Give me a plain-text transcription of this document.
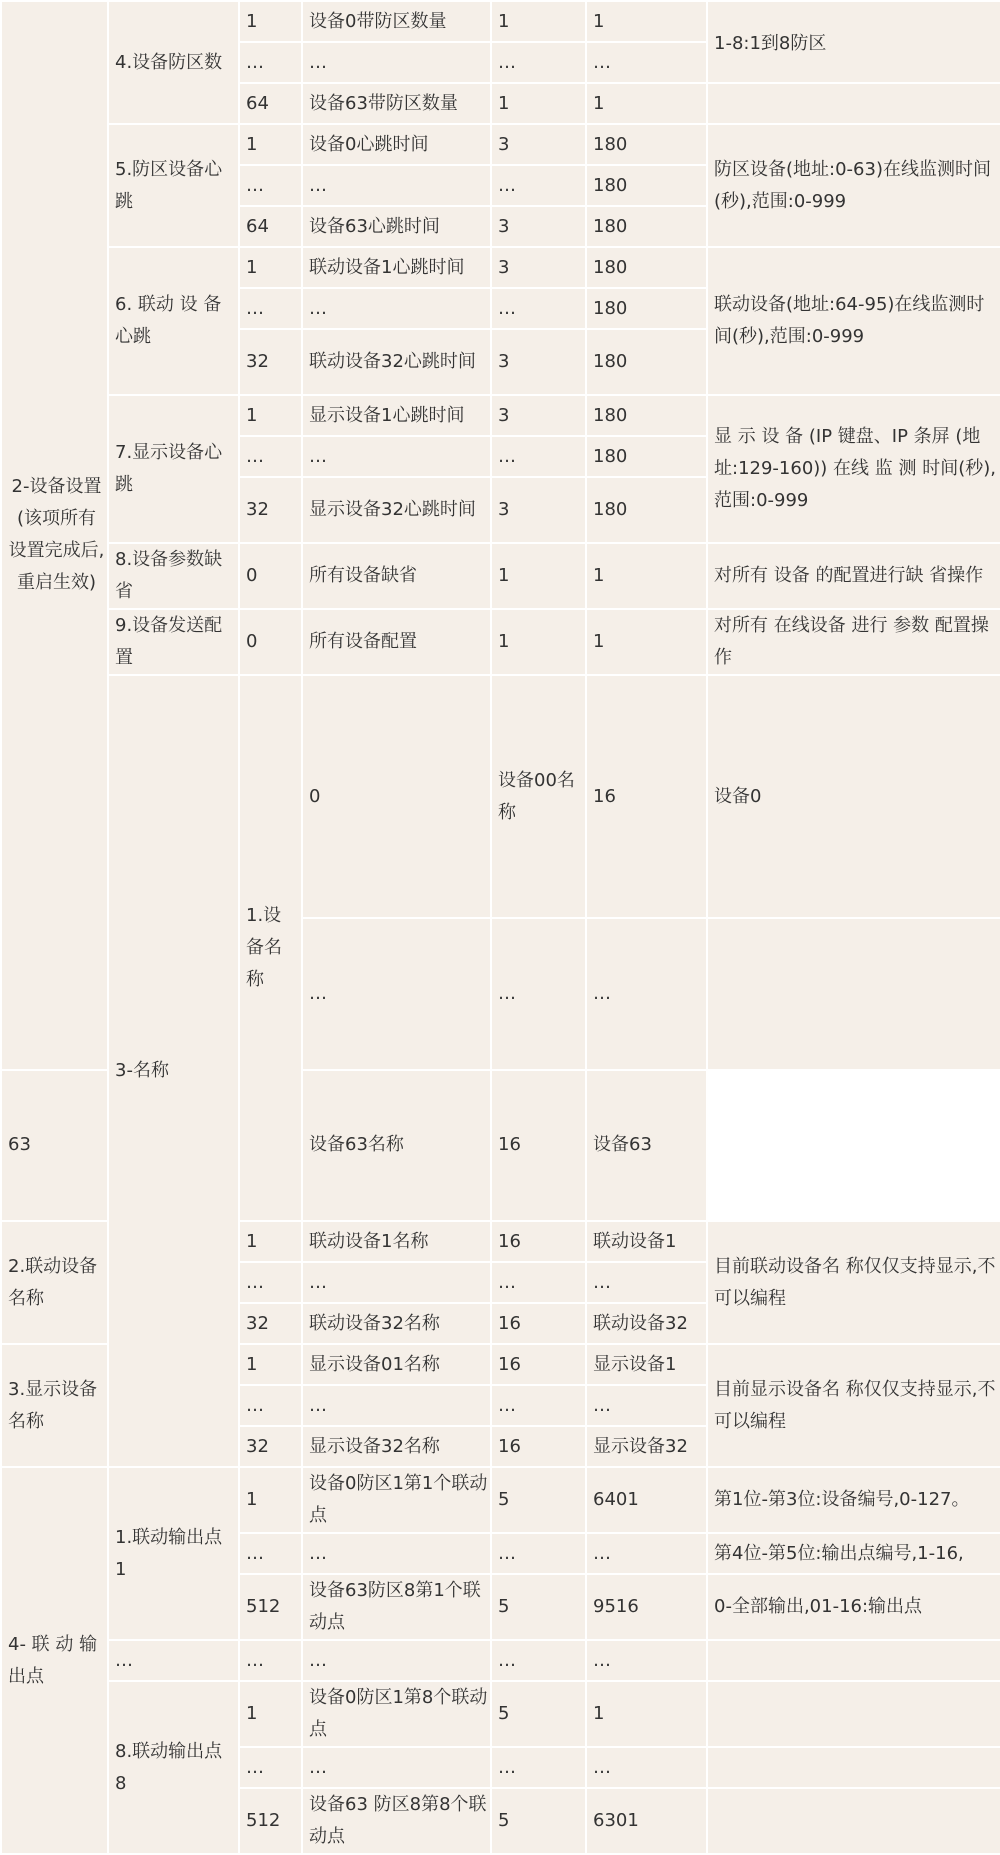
2-设备设置(该项所有设置完成后,重启生效)	4.设备防区数	1	设备0带防区数量	1	1	1-8:1到8防区	
		…	…	…	…		
		64	设备63带防区数量	1	1		
	5.防区设备心跳	1	设备0心跳时间	3	180	防区设备(地址:0-63)在线监测时间(秒),范围:0-999	
		…	…	…	180		
		64	设备63心跳时间	3	180		
	6. 联动 设 备 心跳	1	联动设备1心跳时间	3	180	联动设备(地址:64-95)在线监测时间(秒),范围:0-999	
		…	…	…	180		
		32	联动设备32心跳时间	3	180		
	7.显示设备心跳	1	显示设备1心跳时间	3	180	显 示 设 备 (IP 键盘、IP 条屏 (地址:129-160)) 在线 监 测 时间(秒),范围:0-999	
		…	…	…	180		
		32	显示设备32心跳时间	3	180		
	8.设备参数缺省	0	所有设备缺省	1	1	对所有 设备 的配置进行缺 省操作	
	9.设备发送配置	0	所有设备配置	1	1	对所有 在线设备 进行 参数 配置操作	
	3-名称	1.设备名称	0	设备00名称	16	设备0	
			…	…	…		
63			设备63名称	16	设备63		
2.联动设备名称		1	联动设备1名称	16	联动设备1	目前联动设备名 称仅仅支持显示,不可以编程	
		…	…	…	…		
		32	联动设备32名称	16	联动设备32		
3.显示设备名称		1	显示设备01名称	16	显示设备1	目前显示设备名 称仅仅支持显示,不可以编程	
		…	…	…	…		
		32	显示设备32名称	16	显示设备32		
4- 联 动 输 出点	1.联动输出点 1	1	设备0防区1第1个联动点	5	6401	第1位-第3位:设备编号,0-127。	
		…	…	…	…	第4位-第5位:输出点编号,1-16,	
		512	设备63防区8第1个联动点	5	9516	0-全部输出,01-16:输出点	
	…	…	…	…	…		
	8.联动输出点 8	1	设备0防区1第8个联动点	5	1		
		…	…	…	…		
		512	设备63 防区8第8个联动点	5	6301		
